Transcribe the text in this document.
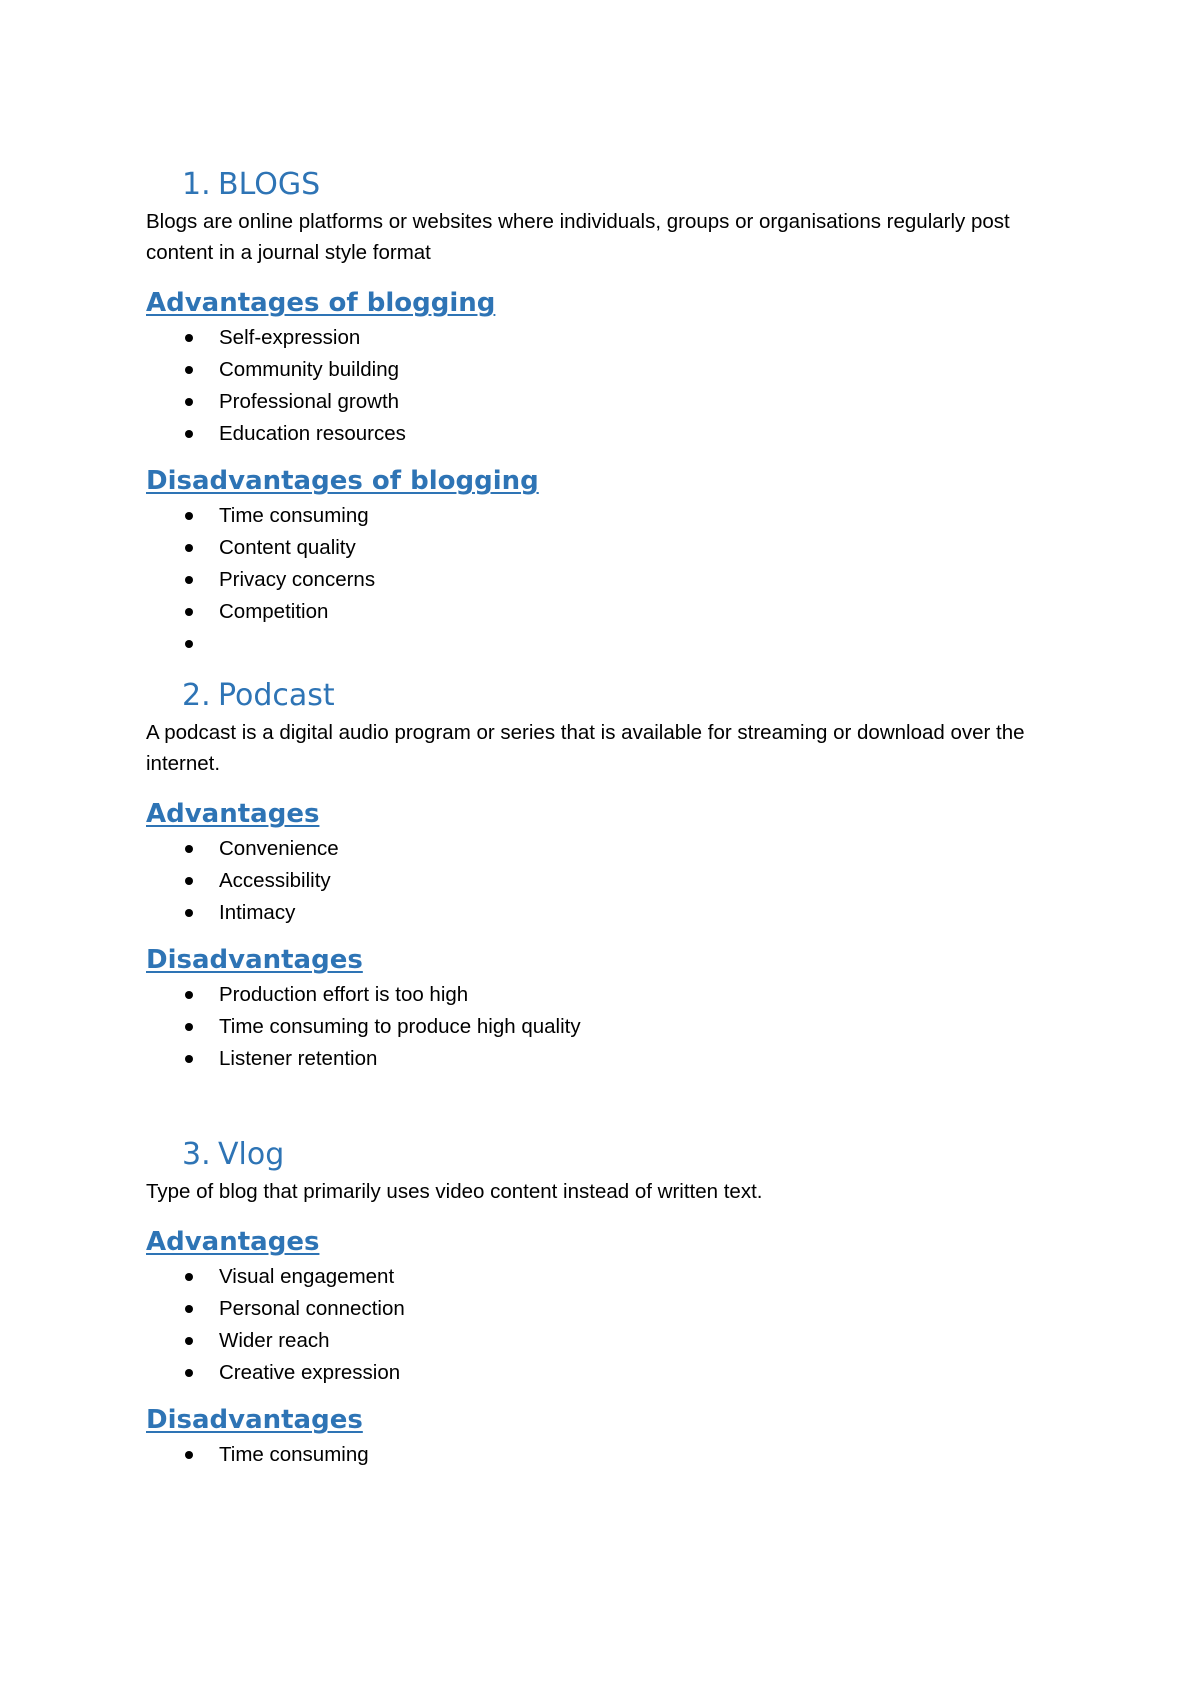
1. BLOGS

Blogs are online platforms or websites where individuals, groups or organisations regularly post content in a journal style format

Advantages of blogging
Self-expression
Community building
Professional growth
Education resources
Disadvantages of blogging
Time consuming
Content quality
Privacy concerns
Competition
2. Podcast

A podcast is a digital audio program or series that is available for streaming or download over the internet.

Advantages
Convenience
Accessibility
Intimacy
Disadvantages
Production effort is too high
Time consuming to produce high quality
Listener retention
3. Vlog

Type of blog that primarily uses video content instead of written text.

Advantages
Visual engagement
Personal connection
Wider reach
Creative expression
Disadvantages
Time consuming
